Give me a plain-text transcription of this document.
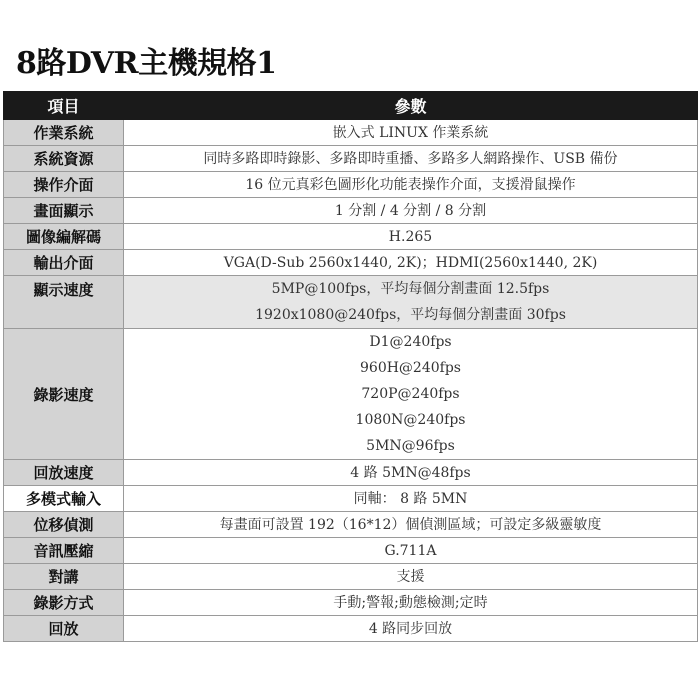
8路DVR主機規格1
項目	參數
作業系統	嵌入式 LINUX 作業系統
系統資源	同時多路即時錄影、多路即時重播、多路多人網路操作、USB 備份
操作介面	16 位元真彩色圖形化功能表操作介面，支援滑鼠操作
畫面顯示	1 分割 / 4 分割 / 8 分割
圖像編解碼	H.265
輸出介面	VGA(D-Sub 2560x1440, 2K)；HDMI(2560x1440, 2K)
顯示速度	5MP@100fps，平均每個分割畫面 12.5fps
1920x1080@240fps，平均每個分割畫面 30fps

錄影速度	D1@240fps
960H@240fps
720P@240fps
1080N@240fps
5MN@96fps

回放速度	4 路 5MN@48fps
多模式輸入	同軸： 8 路 5MN
位移偵測	每畫面可設置 192（16*12）個偵測區域；可設定多級靈敏度
音訊壓縮	G.711A
對講	支援
錄影方式	手動;警報;動態檢測;定時
回放	4 路同步回放
